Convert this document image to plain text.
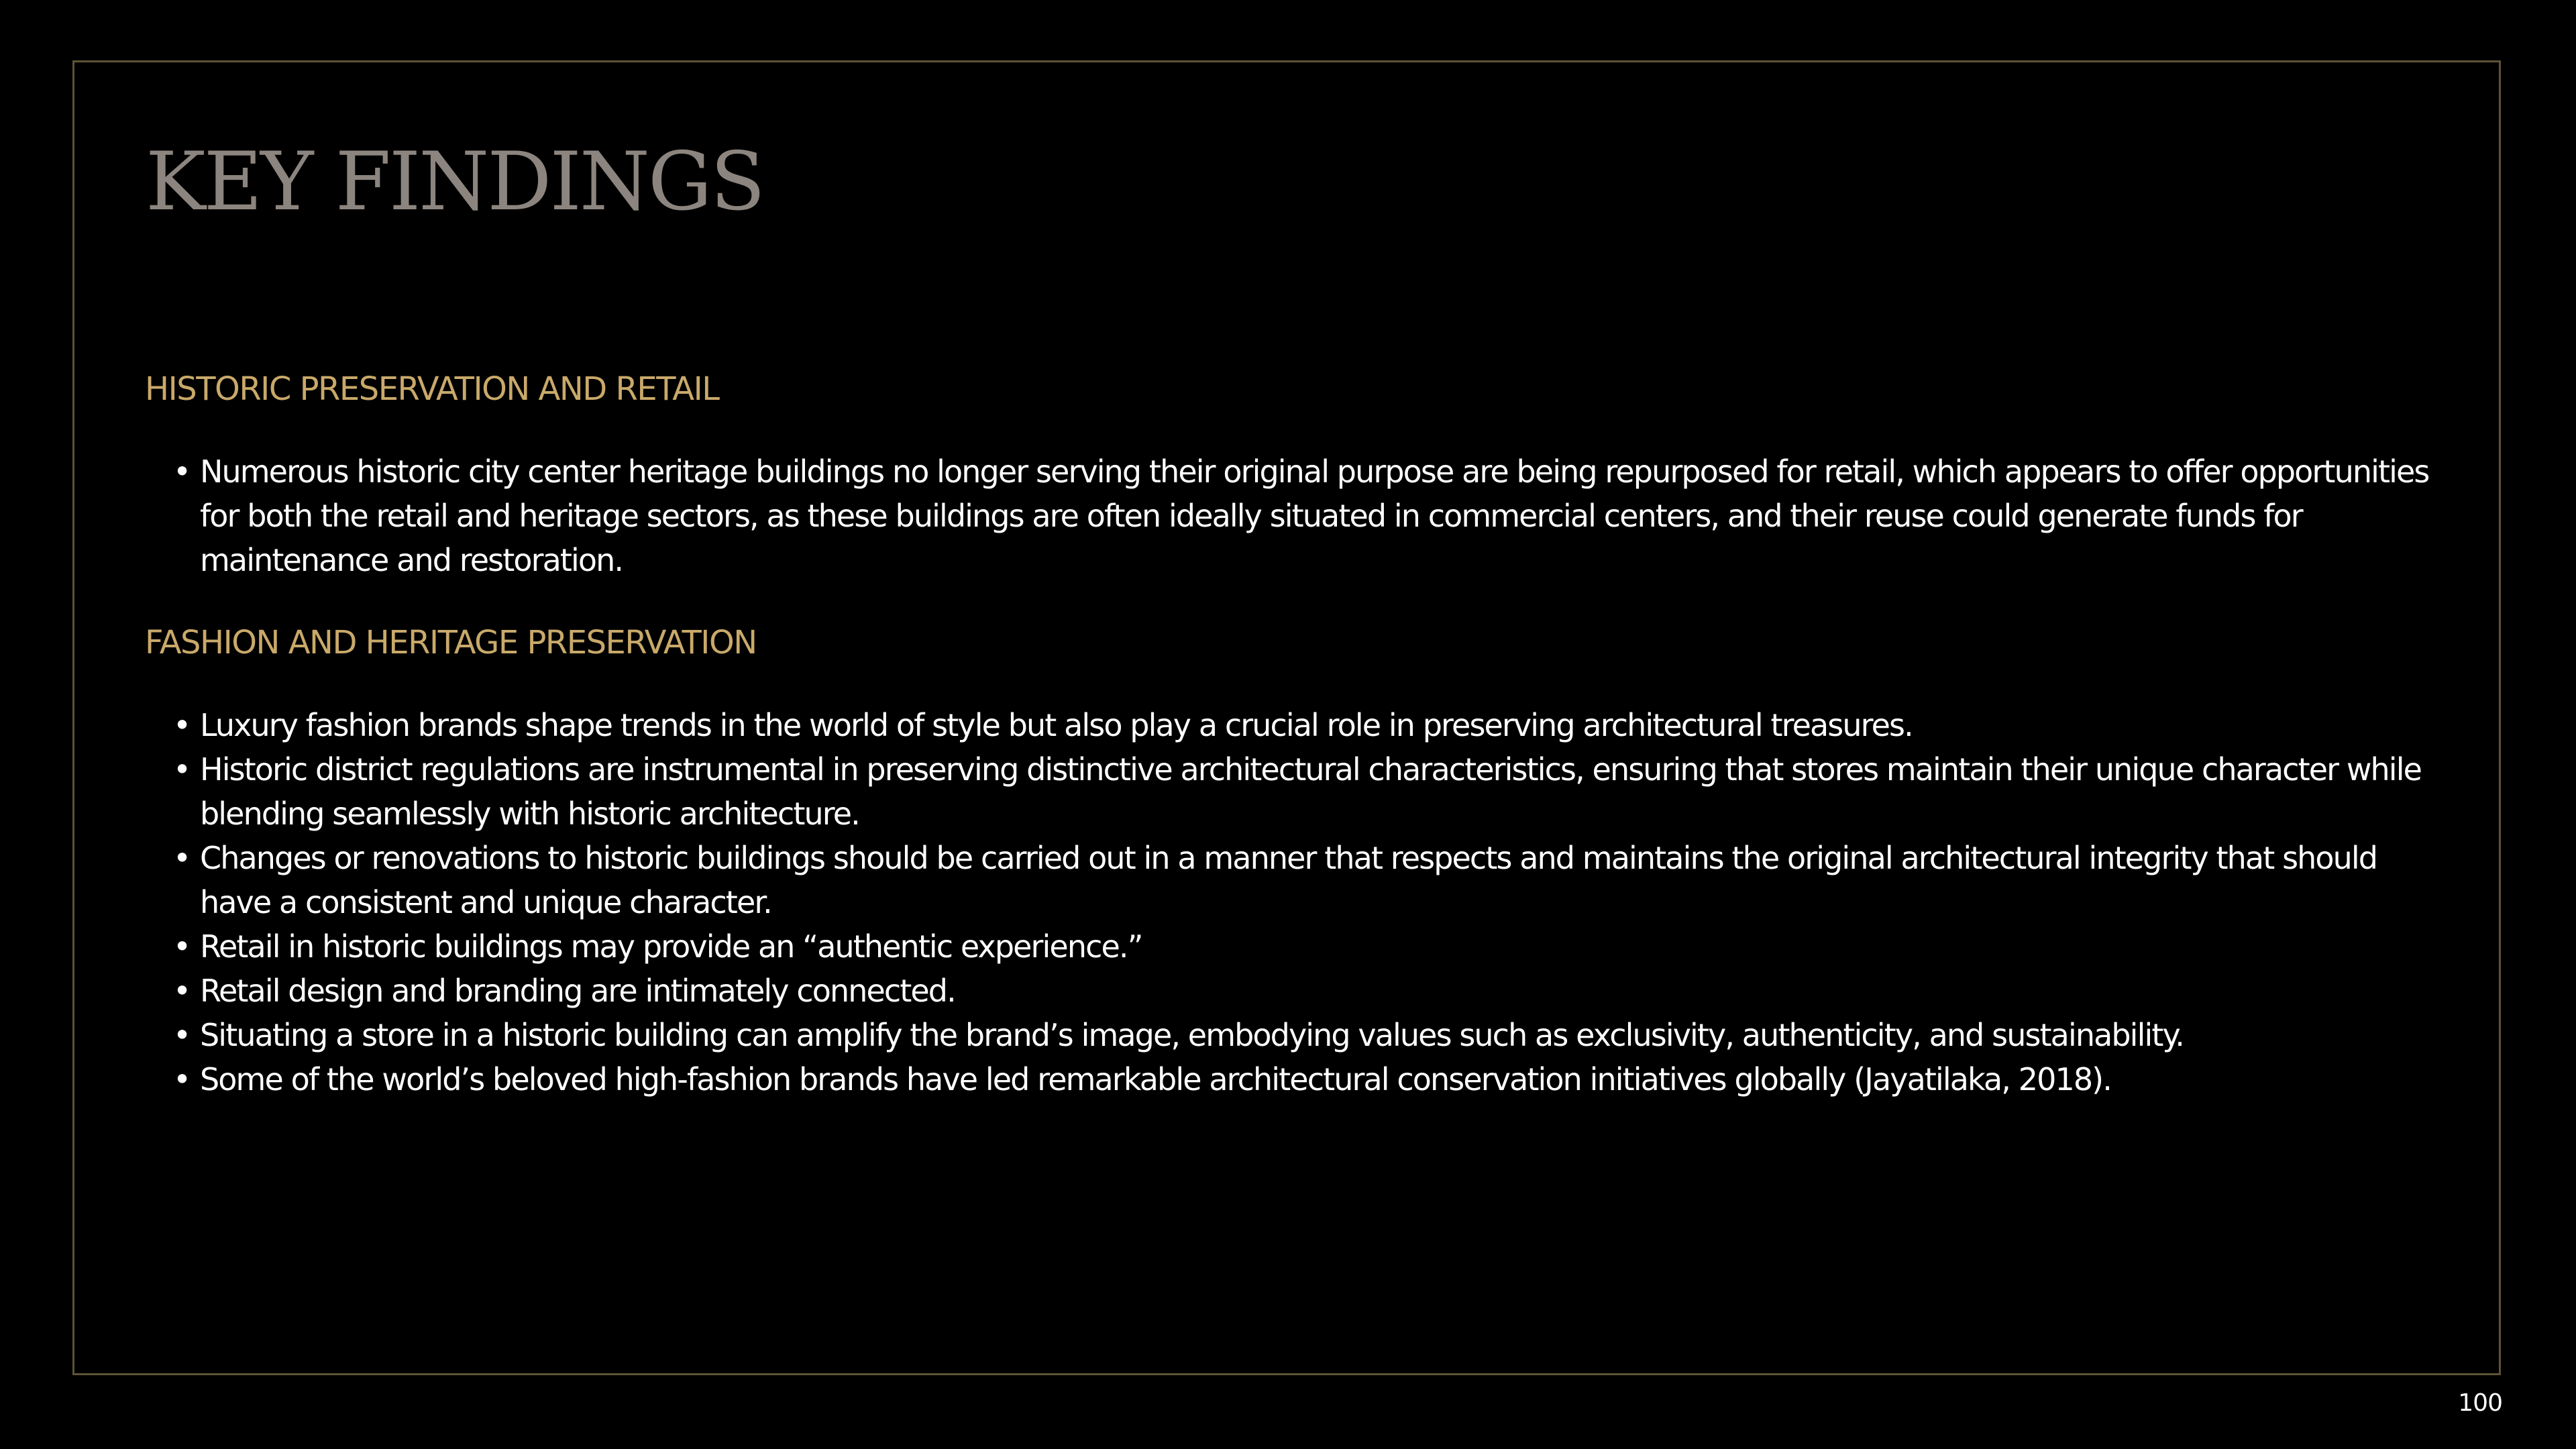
KEY FINDINGS
HISTORIC PRESERVATION AND RETAIL
• Numerous historic city center heritage buildings no longer serving their original purpose are being repurposed for retail, which appears to offer opportunities for both the retail and heritage sectors, as these buildings are often ideally situated in commercial centers, and their reuse could generate funds for maintenance and restoration.
FASHION AND HERITAGE PRESERVATION
• Luxury fashion brands shape trends in the world of style but also play a crucial role in preserving architectural treasures.
• Historic district regulations are instrumental in preserving distinctive architectural characteristics, ensuring that stores maintain their unique character while blending seamlessly with historic architecture.
• Changes or renovations to historic buildings should be carried out in a manner that respects and maintains the original architectural integrity that should have a consistent and unique character.
• Retail in historic buildings may provide an “authentic experience.”
• Retail design and branding are intimately connected.
• Situating a store in a historic building can amplify the brand’s image, embodying values such as exclusivity, authenticity, and sustainability.
• Some of the world’s beloved high-fashion brands have led remarkable architectural conservation initiatives globally (Jayatilaka, 2018).
100
